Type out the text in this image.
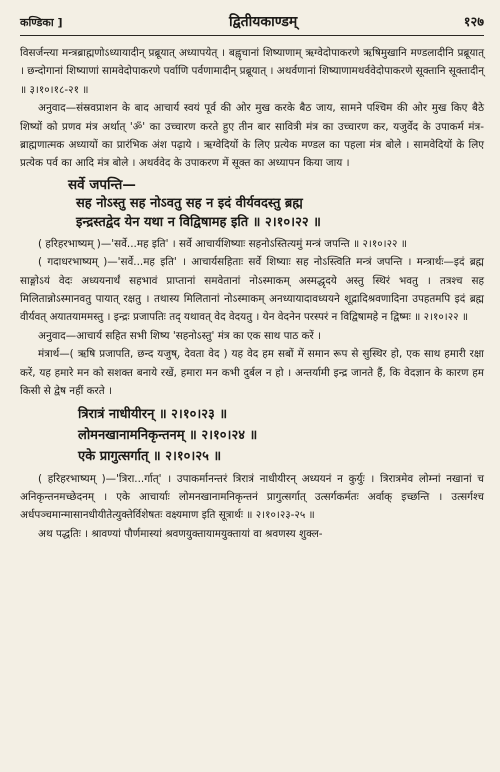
कण्डिका ]	द्वितीयकाण्डम्	१२७

विसर्जन्त्या मन्त्रब्राह्मणोऽध्यायादीन् प्रब्रूयात् अध्यापयेत् । बह्वृचानां शिष्याणाम् ऋग्वेदोपाकरणे ऋषिमुखानि मण्डलादीनि प्रब्रूयात् । छन्दोगानां शिष्याणां सामवेदोपाकरणे पर्वाणि पर्वणामादीन् प्रब्रूयात् । अथर्वणानां शिष्याणामथर्ववेदोपाकरणे सूक्तानि सूक्तादीन् ॥ ३।१०।१८-२१ ॥

अनुवाद—संस्रवप्राशन के बाद आचार्य स्वयं पूर्व की ओर मुख करके बैठ जाय, सामने पश्चिम की ओर मुख किए बैठे शिष्यों को प्रणव मंत्र अर्थात् 'ॐ' का उच्चारण करते हुए तीन बार सावित्री मंत्र का उच्चारण कर, यजुर्वेद के उपाकर्म मंत्र-ब्राह्मणात्मक अध्यायों का प्रारंभिक अंश पढ़ाये । ऋग्वेदियों के लिए प्रत्येक मण्डल का पहला मंत्र बोले । सामवेदियों के लिए प्रत्येक पर्व का आदि मंत्र बोले । अथर्ववेद के उपाकरण में सूक्त का अध्यापन किया जाय ।

सर्वे जपन्ति—
सह नोऽस्तु सह नोऽवतु सह न इदं वीर्यवदस्तु ब्रह्म
इन्द्रस्तद्वेद येन यथा न विद्विषामह इति ॥ २।१०।२२ ॥

( हरिहरभाष्यम् )—'सर्वे...मह इति' । सर्वे आचार्यशिष्याः सहनोऽस्तित्यमुं मन्त्रं जपन्ति ॥ २।१०।२२ ॥

( गदाधरभाष्यम् )—'सर्वे...मह इति' । आचार्यसहिताः सर्वे शिष्याः सह नोऽस्त्विति मन्त्रं जपन्ति । मन्त्रार्थः—इदं ब्रह्म साङ्गोऽयं वेदः अध्ययनार्थं सहभावं प्राप्तानां समवेतानां नोऽस्माकम् अस्मद्धृदये अस्तु स्थिरं भवतु । तत्रश्च सह मिलितान्नोऽस्मानवतु पायात् रक्षतु । तथास्य मिलितानां नोऽस्माकम् अनध्यायादावध्ययने शूद्रादिश्रवणादिना उपहतमपि इदं ब्रह्म वीर्यवत् अयातयाममस्तु । इन्द्रः प्रजापतिः तद् यथावत् वेद वेदयतु । येन वेदनेन परस्परं न विद्विषामहे न द्विष्मः ॥ २।१०।२२ ॥

अनुवाद—आचार्य सहित सभी शिष्य 'सहनोऽस्तु' मंत्र का एक साथ पाठ करें ।

मंत्रार्थ—( ऋषि प्रजापति, छन्द यजुष्, देवता वेद ) यह वेद हम सबों में समान रूप से सुस्थिर हो, एक साथ हमारी रक्षा करें, यह हमारे मन को सशक्त बनाये रखें, हमारा मन कभी दुर्बल न हो । अन्तर्यामी इन्द्र जानते हैं, कि वेदज्ञान के कारण हम किसी से द्वेष नहीं करते ।

त्रिरात्रं नाधीयीरन् ॥ २।१०।२३ ॥
लोमनखानामनिकृन्तनम् ॥ २।१०।२४ ॥
एके प्रागुत्सर्गात् ॥ २।१०।२५ ॥

( हरिहरभाष्यम् )—'त्रिरा...र्गात्' । उपाकर्मानन्तरं त्रिरात्रं नाधीयीरन् अध्ययनं न कुर्युः । त्रिरात्रमेव लोम्नां नखानां च अनिकृन्तनमच्छेदनम् । एके आचार्याः लोमनखानामनिकृन्तनं प्रागुत्सर्गात् उत्सर्गकर्मतः अर्वाक् इच्छन्ति । उत्सर्गश्च अर्धपञ्चमान्मासानधीयीतेत्युक्तेर्विशेषतः वक्ष्यमाण इति सूत्रार्थः ॥ २।१०।२३-२५ ॥

अथ पद्धतिः । श्रावण्यां पौर्णमास्यां श्रवणयुक्तायामयुक्तायां वा श्रवणस्य शुक्ल-
